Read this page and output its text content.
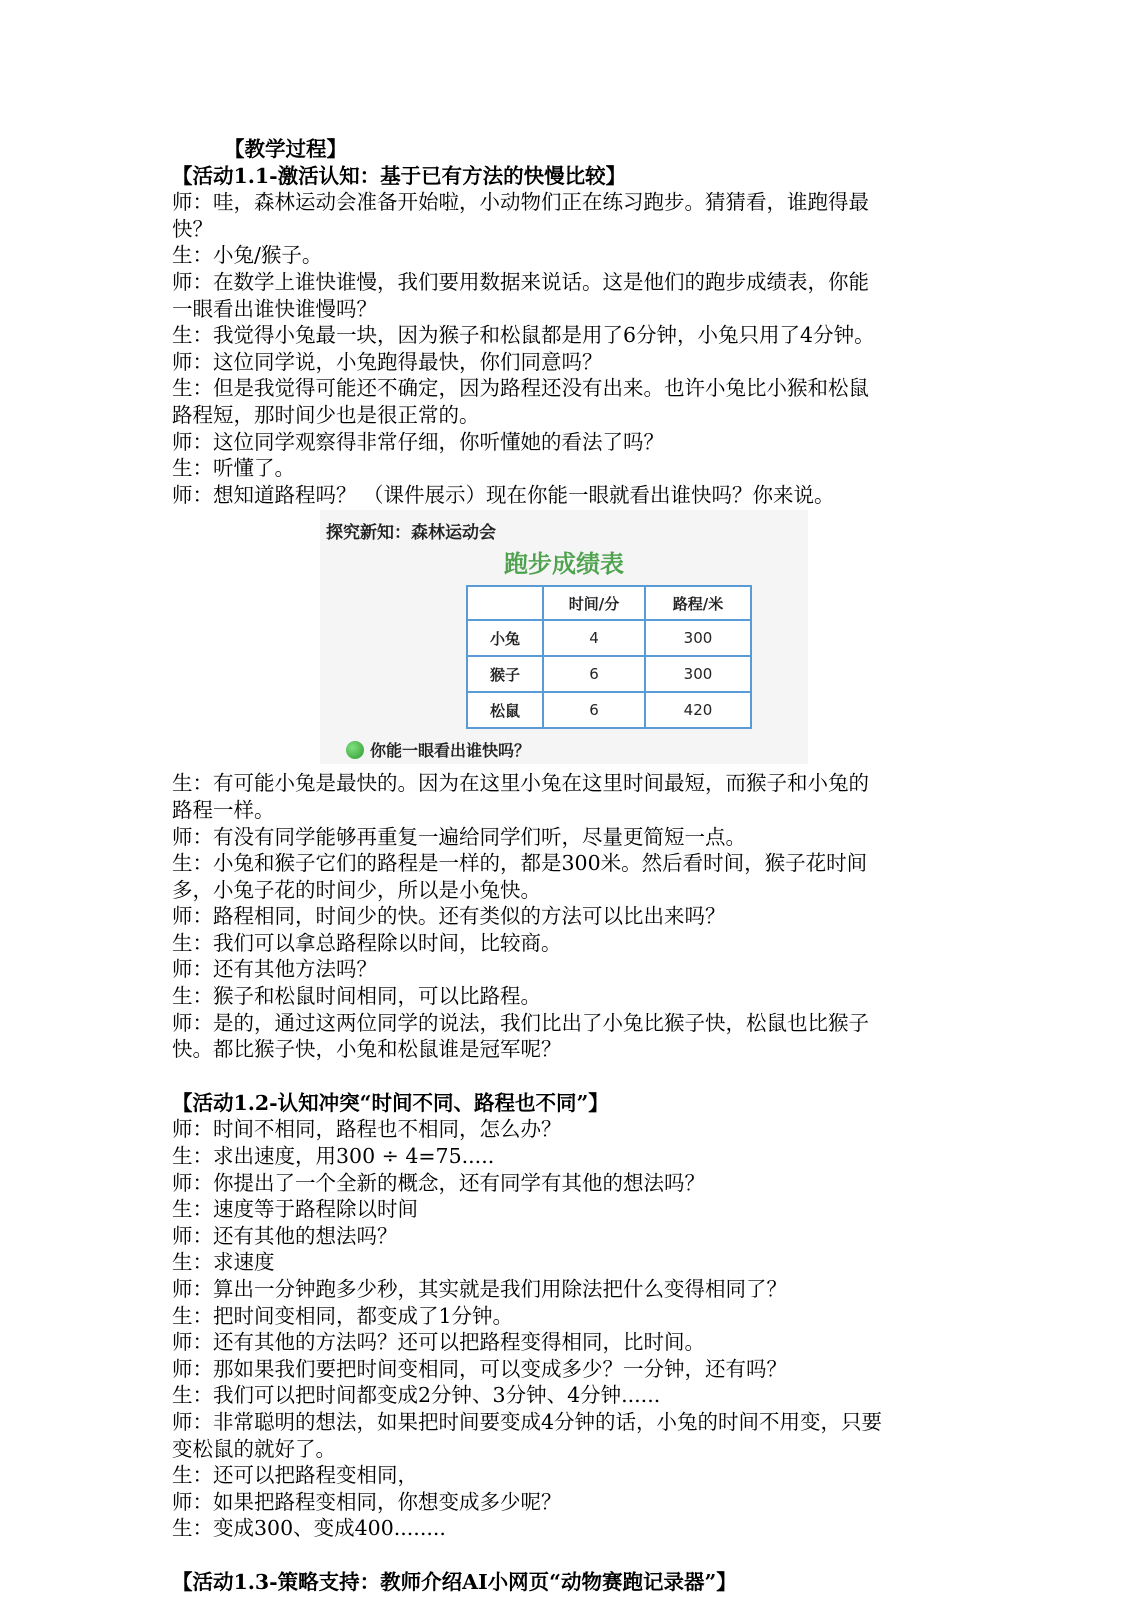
【教学过程】
【活动1.1-激活认知：基于已有方法的快慢比较】
师：哇，森林运动会准备开始啦，小动物们正在练习跑步。猜猜看，谁跑得最
快？
生：小兔/猴子。
师：在数学上谁快谁慢，我们要用数据来说话。这是他们的跑步成绩表，你能
一眼看出谁快谁慢吗？
生：我觉得小兔最一块，因为猴子和松鼠都是用了6分钟，小兔只用了4分钟。
师：这位同学说，小兔跑得最快，你们同意吗？
生：但是我觉得可能还不确定，因为路程还没有出来。也许小兔比小猴和松鼠
路程短，那时间少也是很正常的。
师：这位同学观察得非常仔细，你听懂她的看法了吗？
生：听懂了。
师：想知道路程吗？ （课件展示）现在你能一眼就看出谁快吗？你来说。
探究新知：森林运动会
跑步成绩表
	时间/分	路程/米
小兔	4	300
猴子	6	300
松鼠	6	420
你能一眼看出谁快吗？
生：有可能小兔是最快的。因为在这里小兔在这里时间最短，而猴子和小兔的
路程一样。
师：有没有同学能够再重复一遍给同学们听，尽量更简短一点。
生：小兔和猴子它们的路程是一样的，都是300米。然后看时间，猴子花时间
多，小兔子花的时间少，所以是小兔快。
师：路程相同，时间少的快。还有类似的方法可以比出来吗？
生：我们可以拿总路程除以时间，比较商。
师：还有其他方法吗？
生：猴子和松鼠时间相同，可以比路程。
师：是的，通过这两位同学的说法，我们比出了小兔比猴子快，松鼠也比猴子
快。都比猴子快，小兔和松鼠谁是冠军呢？
【活动1.2-认知冲突“时间不同、路程也不同”】
师：时间不相同，路程也不相同，怎么办？
生：求出速度，用300 ÷ 4=75.....
师：你提出了一个全新的概念，还有同学有其他的想法吗？
生：速度等于路程除以时间
师：还有其他的想法吗？
生：求速度
师：算出一分钟跑多少秒，其实就是我们用除法把什么变得相同了？
生：把时间变相同，都变成了1分钟。
师：还有其他的方法吗？还可以把路程变得相同，比时间。
师：那如果我们要把时间变相同，可以变成多少？一分钟，还有吗？
生：我们可以把时间都变成2分钟、3分钟、4分钟......
师：非常聪明的想法，如果把时间要变成4分钟的话，小兔的时间不用变，只要
变松鼠的就好了。
生：还可以把路程变相同，
师：如果把路程变相同，你想变成多少呢？
生：变成300、变成400........
【活动1.3-策略支持：教师介绍AI小网页“动物赛跑记录器”】
